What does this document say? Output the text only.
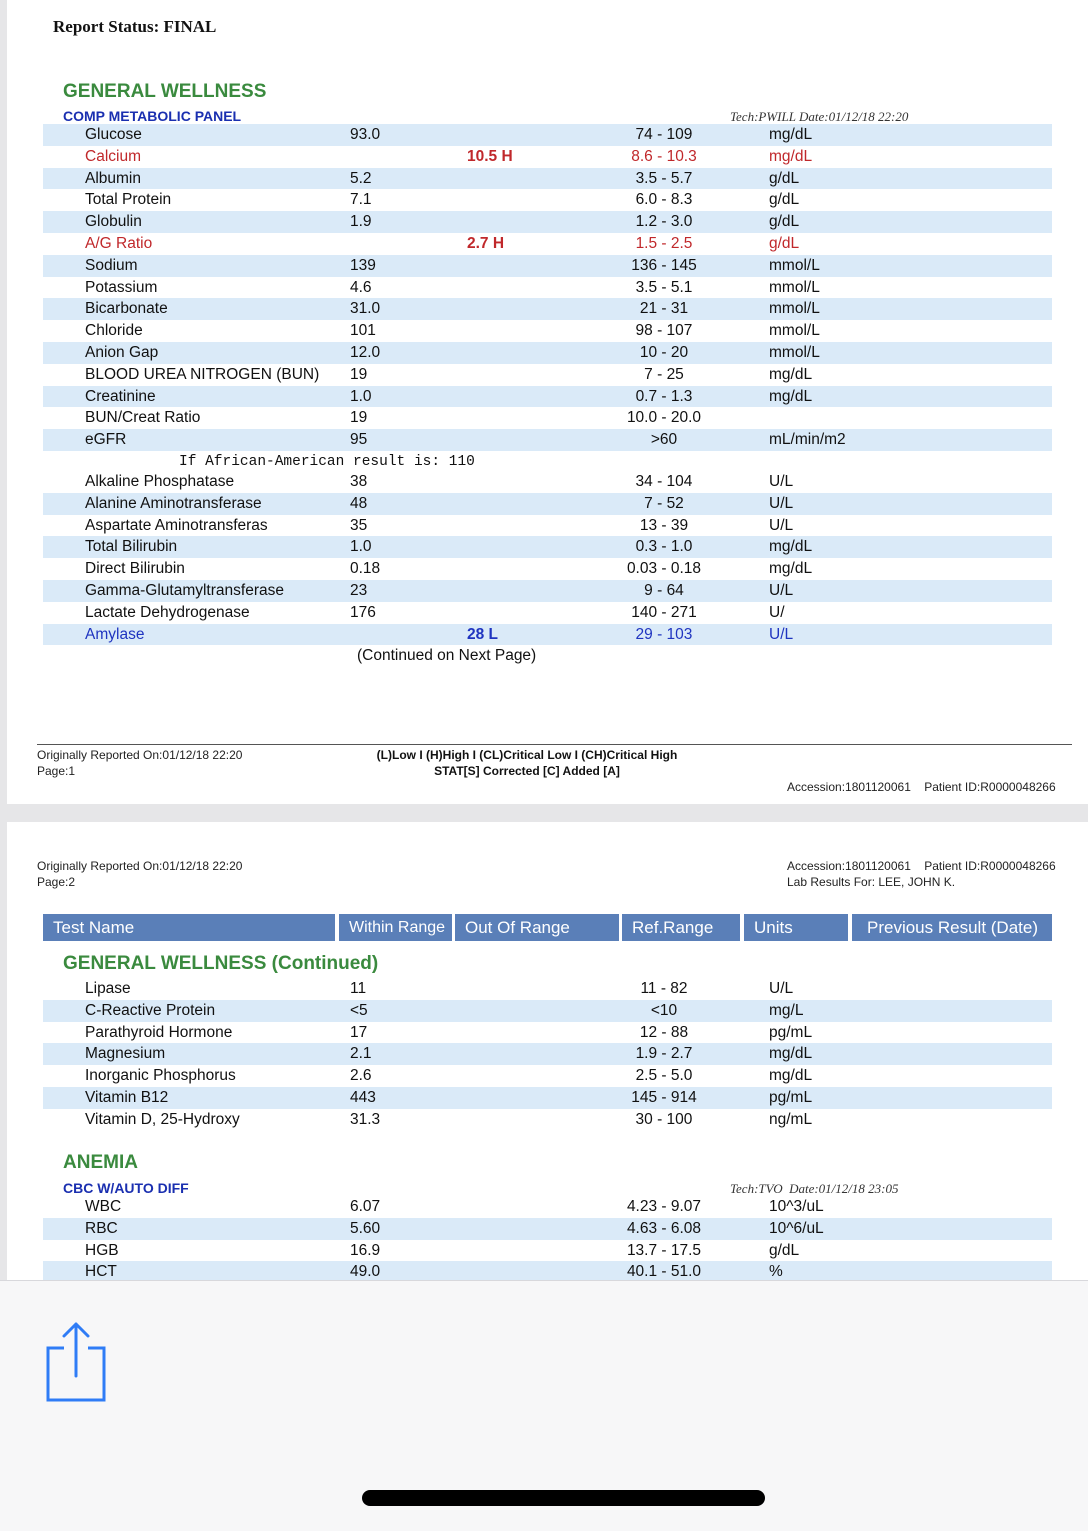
Report Status: FINAL
GENERAL WELLNESS
COMP METABOLIC PANEL	Tech:PWILL Date:01/12/18 22:20
Glucose	93.0	74 - 109	mg/dL
Calcium	10.5 H	8.6 - 10.3	mg/dL
Albumin	5.2	3.5 - 5.7	g/dL
Total Protein	7.1	6.0 - 8.3	g/dL
Globulin	1.9	1.2 - 3.0	g/dL
A/G Ratio	2.7 H	1.5 - 2.5	g/dL
Sodium	139	136 - 145	mmol/L
Potassium	4.6	3.5 - 5.1	mmol/L
Bicarbonate	31.0	21 - 31	mmol/L
Chloride	101	98 - 107	mmol/L
Anion Gap	12.0	10 - 20	mmol/L
BLOOD UREA NITROGEN (BUN) 19	7 - 25	mg/dL
Creatinine	1.0	0.7 - 1.3	mg/dL
BUN/Creat Ratio	19	10.0 - 20.0
eGFR	95	>60	mL/min/m2
If African-American result is: 110
Alkaline Phosphatase	38	34 - 104	U/L
Alanine Aminotransferase	48	7 - 52	U/L
Aspartate Aminotransferas	35	13 - 39	U/L
Total Bilirubin	1.0	0.3 - 1.0	mg/dL
Direct Bilirubin	0.18	0.03 - 0.18	mg/dL
Gamma-Glutamyltransferase	23	9 - 64	U/L
Lactate Dehydrogenase	176	140 - 271	U/
Amylase	28 L	29 - 103	U/L
(Continued on Next Page)
Originally Reported On:01/12/18 22:20
Page:1
(L)Low I (H)High I (CL)Critical Low I (CH)Critical High
STAT[S] Corrected [C] Added [A]

Accession:1801120061    Patient ID:R0000048266

Originally Reported On:01/12/18 22:20
Page:2
Accession:1801120061    Patient ID:R0000048266
Lab Results For: LEE, JOHN K.
Test Name	Within Range	Out Of Range	Ref.Range	Units	Previous Result (Date)
GENERAL WELLNESS (Continued)
Lipase	11	11 - 82	U/L
C-Reactive Protein	<5	<10	mg/L
Parathyroid Hormone	17	12 - 88	pg/mL
Magnesium	2.1	1.9 - 2.7	mg/dL
Inorganic Phosphorus	2.6	2.5 - 5.0	mg/dL
Vitamin B12	443	145 - 914	pg/mL
Vitamin D, 25-Hydroxy	31.3	30 - 100	ng/mL
ANEMIA
CBC W/AUTO DIFF	Tech:TVO  Date:01/12/18 23:05
WBC	6.07	4.23 - 9.07	10^3/uL
RBC	5.60	4.63 - 6.08	10^6/uL
HGB	16.9	13.7 - 17.5	g/dL
HCT	49.0	40.1 - 51.0	%
